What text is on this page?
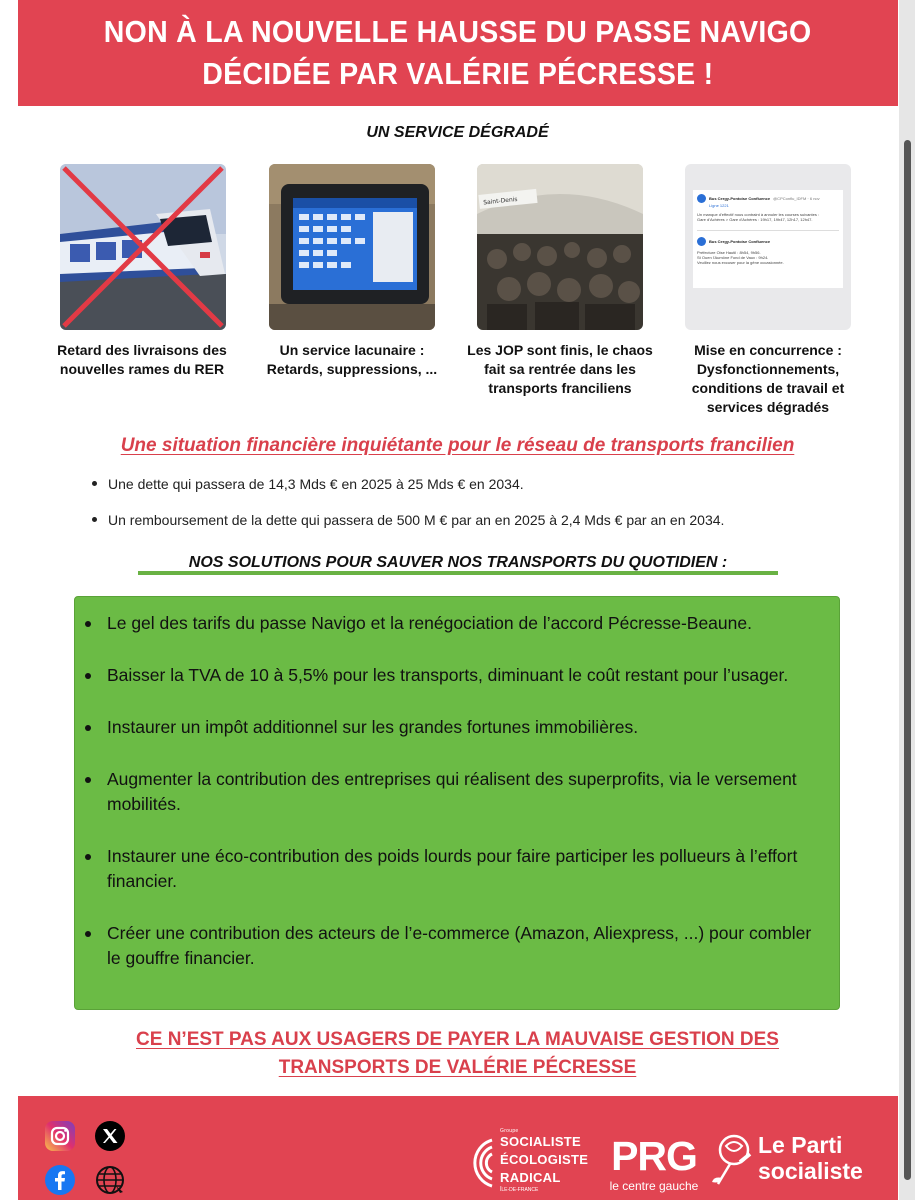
NON À LA NOUVELLE HAUSSE DU PASSE NAVIGO
DÉCIDÉE PAR VALÉRIE PÉCRESSE !
UN SERVICE DÉGRADÉ
Saint-Denis	Bus Cergy-Pontoise Confluence @CPConflu_IDFM · 6 nov
Ligne 1221
Un manque d'effectif nous contraint à annuler les courses suivantes :
Gare d'Achères > Gare d'Achères : 19h17, 19h47, 12h17, 12h47.
Bus Cergy-Pontoise Confluence
Préfecture Oise Hautil : 8h54, 9h56.
St Ouen l'Aumône Fond de Vaux : 9h24.
Veuillez nous excuser pour la gêne occasionnée.
Retard des livraisons des nouvelles rames du RER
Un service lacunaire : Retards, suppressions, ...
Les JOP sont finis, le chaos fait sa rentrée dans les transports franciliens
Mise en concurrence : Dysfonctionnements, conditions de travail et services dégradés
Une situation financière inquiétante pour le réseau de transports francilien
Une dette qui passera de 14,3 Mds € en 2025 à 25 Mds € en 2034.
Un remboursement de la dette qui passera de 500 M € par an en 2025 à 2,4 Mds € par an en 2034.
NOS SOLUTIONS POUR SAUVER NOS TRANSPORTS DU QUOTIDIEN :
Le gel des tarifs du passe Navigo et la renégociation de l’accord Pécresse-Beaune.
Baisser la TVA de 10 à 5,5% pour les transports, diminuant le coût restant pour l’usager.
Instaurer un impôt additionnel sur les grandes fortunes immobilières.
Augmenter la contribution des entreprises qui réalisent des superprofits, via le versement mobilités.
Instaurer une éco-contribution des poids lourds pour faire participer les pollueurs à l’effort financier.
Créer une contribution des acteurs de l’e-commerce (Amazon, Aliexpress, ...) pour combler le gouffre financier.
CE N’EST PAS AUX USAGERS DE PAYER LA MAUVAISE GESTION DES
TRANSPORTS DE VALÉRIE PÉCRESSE
Groupe
SOCIALISTE
ÉCOLOGISTE
RADICAL
ÎLE-DE-FRANCE
PRG
le centre gauche
Le Parti
socialiste
